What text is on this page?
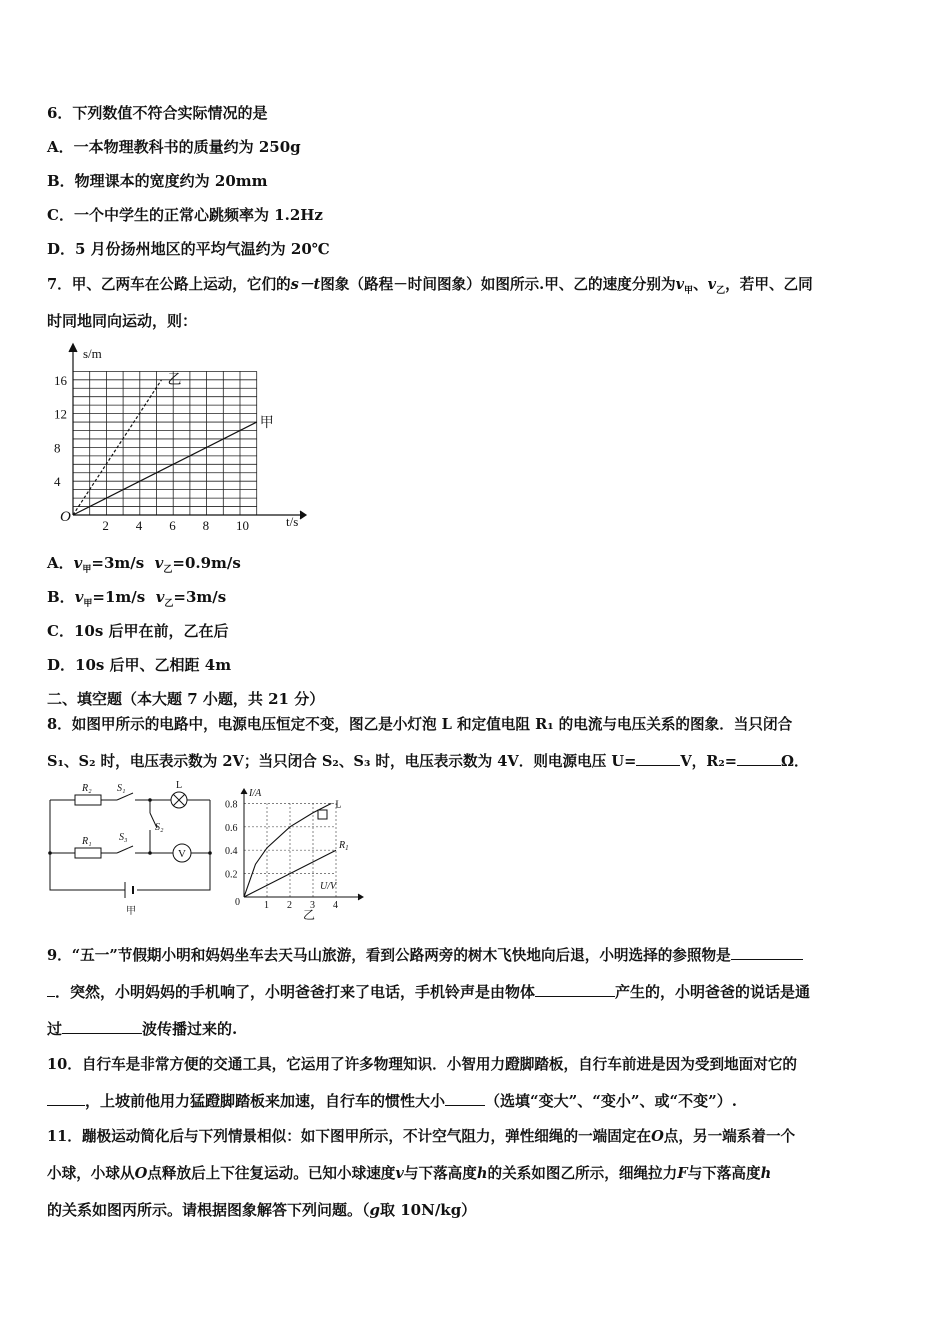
6．下列数值不符合实际情况的是
A．一本物理教科书的质量约为 250g
B．物理课本的宽度约为 20mm
C．一个中学生的正常心跳频率为 1.2Hz
D．5 月份扬州地区的平均气温约为 20℃
7．甲、乙两车在公路上运动，它们的s－t图象（路程－时间图象）如图所示.甲、乙的速度分别为$v_甲$、$v_乙$，若甲、乙同
时同地同向运动，则：
2 4 6 8 10
4
8
12
16
O
s/m
t/s
乙
甲
A．$v_甲=3m/s$ $v_乙=0.9m/s$
B．$v_甲=1m/s$ $v_乙=3m/s$
C．10s 后甲在前，乙在后
D．10s 后甲、乙相距 4m
二、填空题（本大题 7 小题，共 21 分）
8．如图甲所示的电路中，电源电压恒定不变，图乙是小灯泡 L 和定值电阻 R₁ 的电流与电压关系的图象．当只闭合
S₁、S₂ 时，电压表示数为 2V；当只闭合 S₂、S₃ 时，电压表示数为 4V．则电源电压 U=	V，R₂=	Ω．
R₂
R₁
S₁
S₂
S₃
L
V
甲
1 2 3 4
0.2
0.4
0.6
0.8
0
I/A
U/V
乙
L
$R_1$
9．“五一”节假期小明和妈妈坐车去天马山旅游，看到公路两旁的树木飞快地向后退，小明选择的参照物是
．突然，小明妈妈的手机响了，小明爸爸打来了电话，手机铃声是由物体	产生的，小明爸爸的说话是通
过	波传播过来的.
10．自行车是非常方便的交通工具，它运用了许多物理知识．小智用力蹬脚踏板，自行车前进是因为受到地面对它的
，上坡前他用力猛蹬脚踏板来加速，自行车的惯性大小	（选填“变大”、“变小”、或“不变”）.
11．蹦极运动简化后与下列情景相似：如下图甲所示，不计空气阻力，弹性细绳的一端固定在O点，另一端系着一个
小球，小球从O点释放后上下往复运动。已知小球速度v与下落高度h的关系如图乙所示，细绳拉力F与下落高度h
的关系如图丙所示。请根据图象解答下列问题。（g取 10N/kg）
